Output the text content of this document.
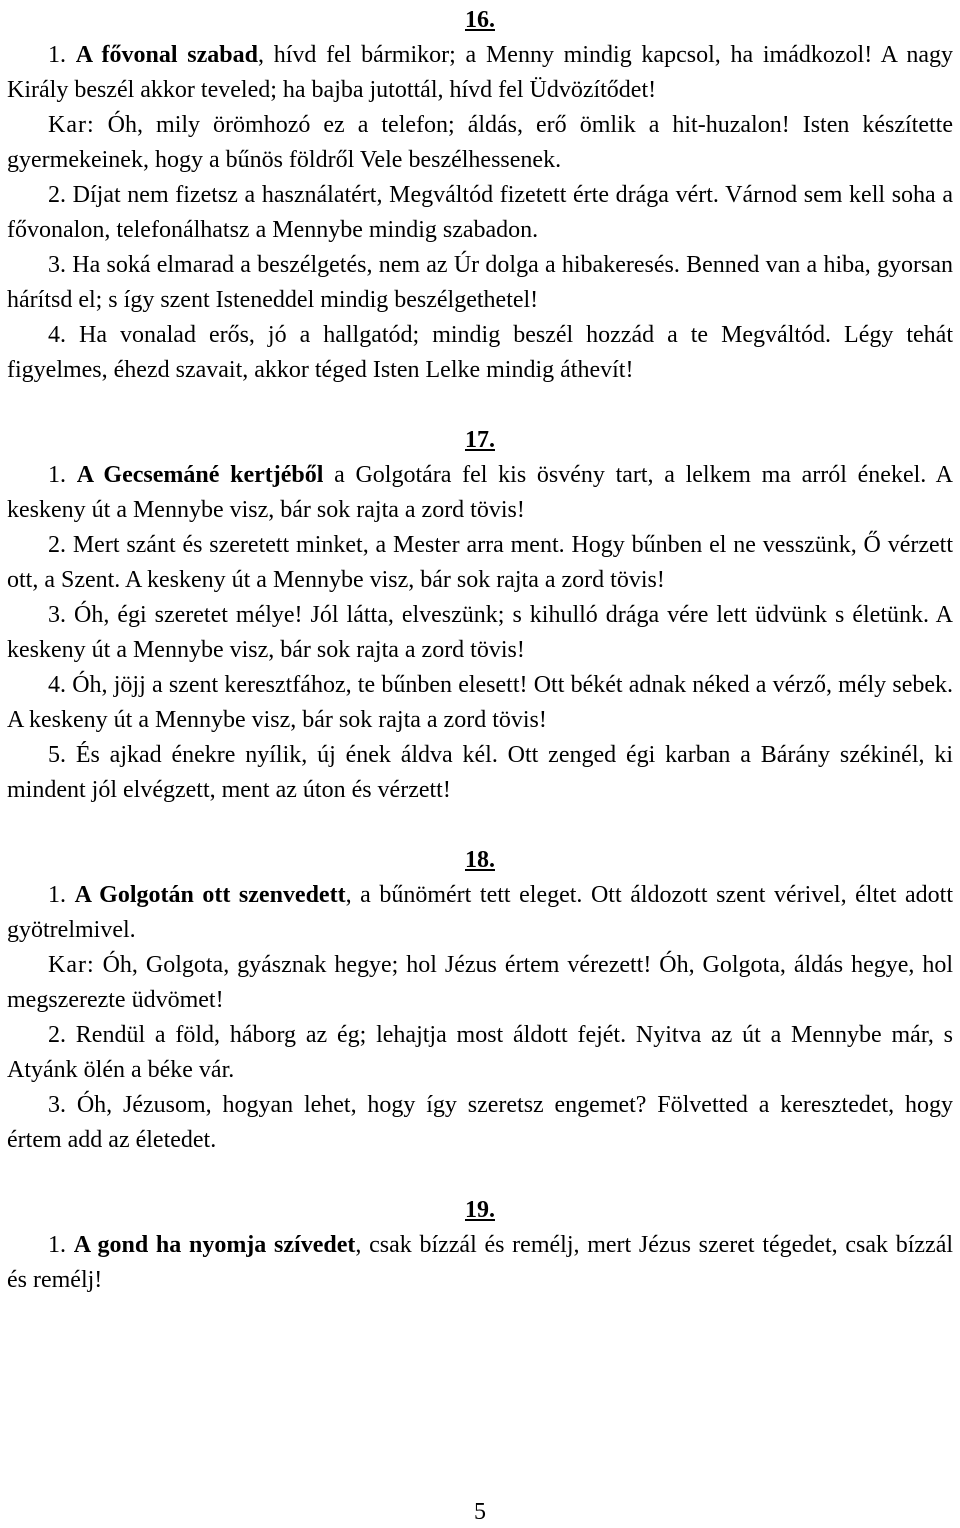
16.

1. A fővonal szabad, hívd fel bármikor; a Menny mindig kapcsol, ha imádkozol! A nagy Király beszél akkor teveled; ha bajba jutottál, hívd fel Üdvözítődet!

Kar: Óh, mily örömhozó ez a telefon; áldás, erő ömlik a hit-huzalon! Isten készítette gyermekeinek, hogy a bűnös földről Vele beszélhessenek.

2. Díjat nem fizetsz a használatért, Megváltód fizetett érte drága vért. Várnod sem kell soha a fővonalon, telefonálhatsz a Mennybe mindig szabadon.

3. Ha soká elmarad a beszélgetés, nem az Úr dolga a hibakeresés. Benned van a hiba, gyorsan hárítsd el; s így szent Isteneddel mindig beszélgethetel!

4. Ha vonalad erős, jó a hallgatód; mindig beszél hozzád a te Megváltód. Légy tehát figyelmes, éhezd szavait, akkor téged Isten Lelke mindig áthevít!

17.

1. A Gecsemáné kertjéből a Golgotára fel kis ösvény tart, a lelkem ma arról énekel. A keskeny út a Mennybe visz, bár sok rajta a zord tövis!

2. Mert szánt és szeretett minket, a Mester arra ment. Hogy bűnben el ne vesszünk, Ő vérzett ott, a Szent. A keskeny út a Mennybe visz, bár sok rajta a zord tövis!

3. Óh, égi szeretet mélye! Jól látta, elveszünk; s kihulló drága vére lett üdvünk s életünk. A keskeny út a Mennybe visz, bár sok rajta a zord tövis!

4. Óh, jöjj a szent keresztfához, te bűnben elesett! Ott békét adnak néked a vérző, mély sebek. A keskeny út a Mennybe visz, bár sok rajta a zord tövis!

5. És ajkad énekre nyílik, új ének áldva kél. Ott zenged égi karban a Bárány székinél, ki mindent jól elvégzett, ment az úton és vérzett!

18.

1. A Golgotán ott szenvedett, a bűnömért tett eleget. Ott áldozott szent vérivel, éltet adott gyötrelmivel.

Kar: Óh, Golgota, gyásznak hegye; hol Jézus értem vérezett! Óh, Golgota, áldás hegye, hol megszerezte üdvömet!

2. Rendül a föld, háborg az ég; lehajtja most áldott fejét. Nyitva az út a Mennybe már, s Atyánk ölén a béke vár.

3. Óh, Jézusom, hogyan lehet, hogy így szeretsz engemet? Fölvetted a keresztedet, hogy értem add az életedet.

19.

1. A gond ha nyomja szívedet, csak bízzál és remélj, mert Jézus szeret tégedet, csak bízzál és remélj!

5
